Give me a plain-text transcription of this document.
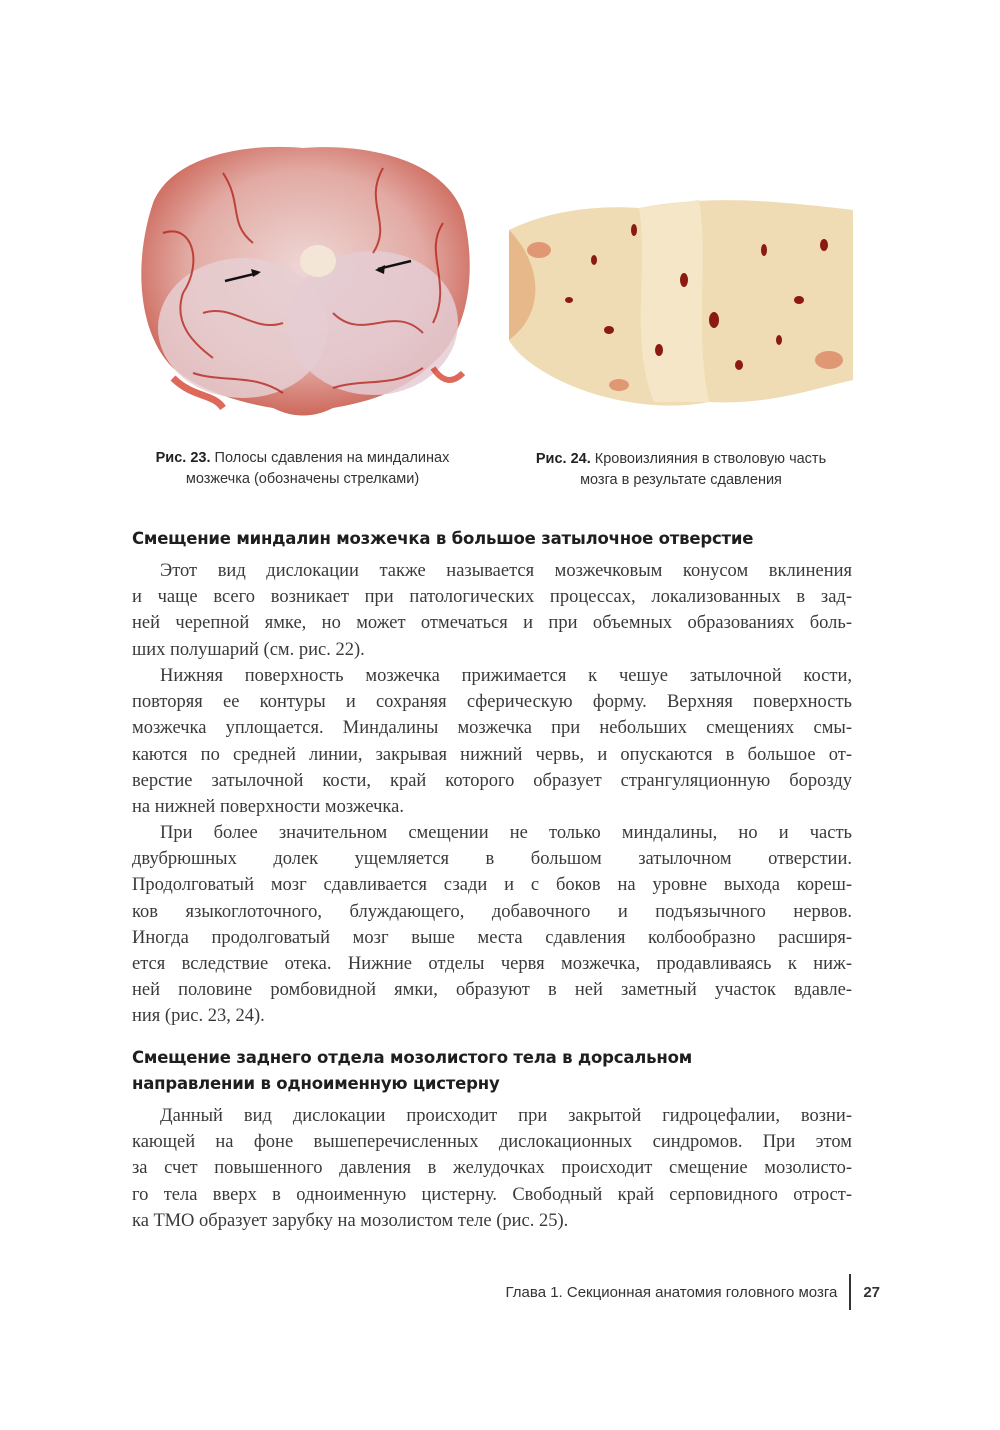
Рис. 23. Полосы сдавления на миндалинах
мозжечка (обозначены стрелками)
Рис. 24. Кровоизлияния в стволовую часть
мозга в результате сдавления
Смещение миндалин мозжечка в большое затылочное отверстие
Этот вид дислокации также называется мозжечковым конусом вклинения
и чаще всего возникает при патологических процессах, локализованных в зад-
ней черепной ямке, но может отмечаться и при объемных образованиях боль-
ших полушарий (см. рис. 22).
Нижняя поверхность мозжечка прижимается к чешуе затылочной кости,
повторяя ее контуры и сохраняя сферическую форму. Верхняя поверхность
мозжечка уплощается. Миндалины мозжечка при небольших смещениях смы-
каются по средней линии, закрывая нижний червь, и опускаются в большое от-
верстие затылочной кости, край которого образует странгуляционную борозду
на нижней поверхности мозжечка.
При более значительном смещении не только миндалины, но и часть
двубрюшных долек ущемляется в большом затылочном отверстии.
Продолговатый мозг сдавливается сзади и с боков на уровне выхода кореш-
ков языкоглоточного, блуждающего, добавочного и подъязычного нервов.
Иногда продолговатый мозг выше места сдавления колбообразно расширя-
ется вследствие отека. Нижние отделы червя мозжечка, продавливаясь к ниж-
ней половине ромбовидной ямки, образуют в ней заметный участок вдавле-
ния (рис. 23, 24).
Смещение заднего отдела мозолистого тела в дорсальном
направлении в одноименную цистерну
Данный вид дислокации происходит при закрытой гидроцефалии, возни-
кающей на фоне вышеперечисленных дислокационных синдромов. При этом
за счет повышенного давления в желудочках происходит смещение мозолисто-
го тела вверх в одноименную цистерну. Свободный край серповидного отрост-
ка ТМО образует зарубку на мозолистом теле (рис. 25).
Глава 1. Секционная анатомия головного мозга 27
